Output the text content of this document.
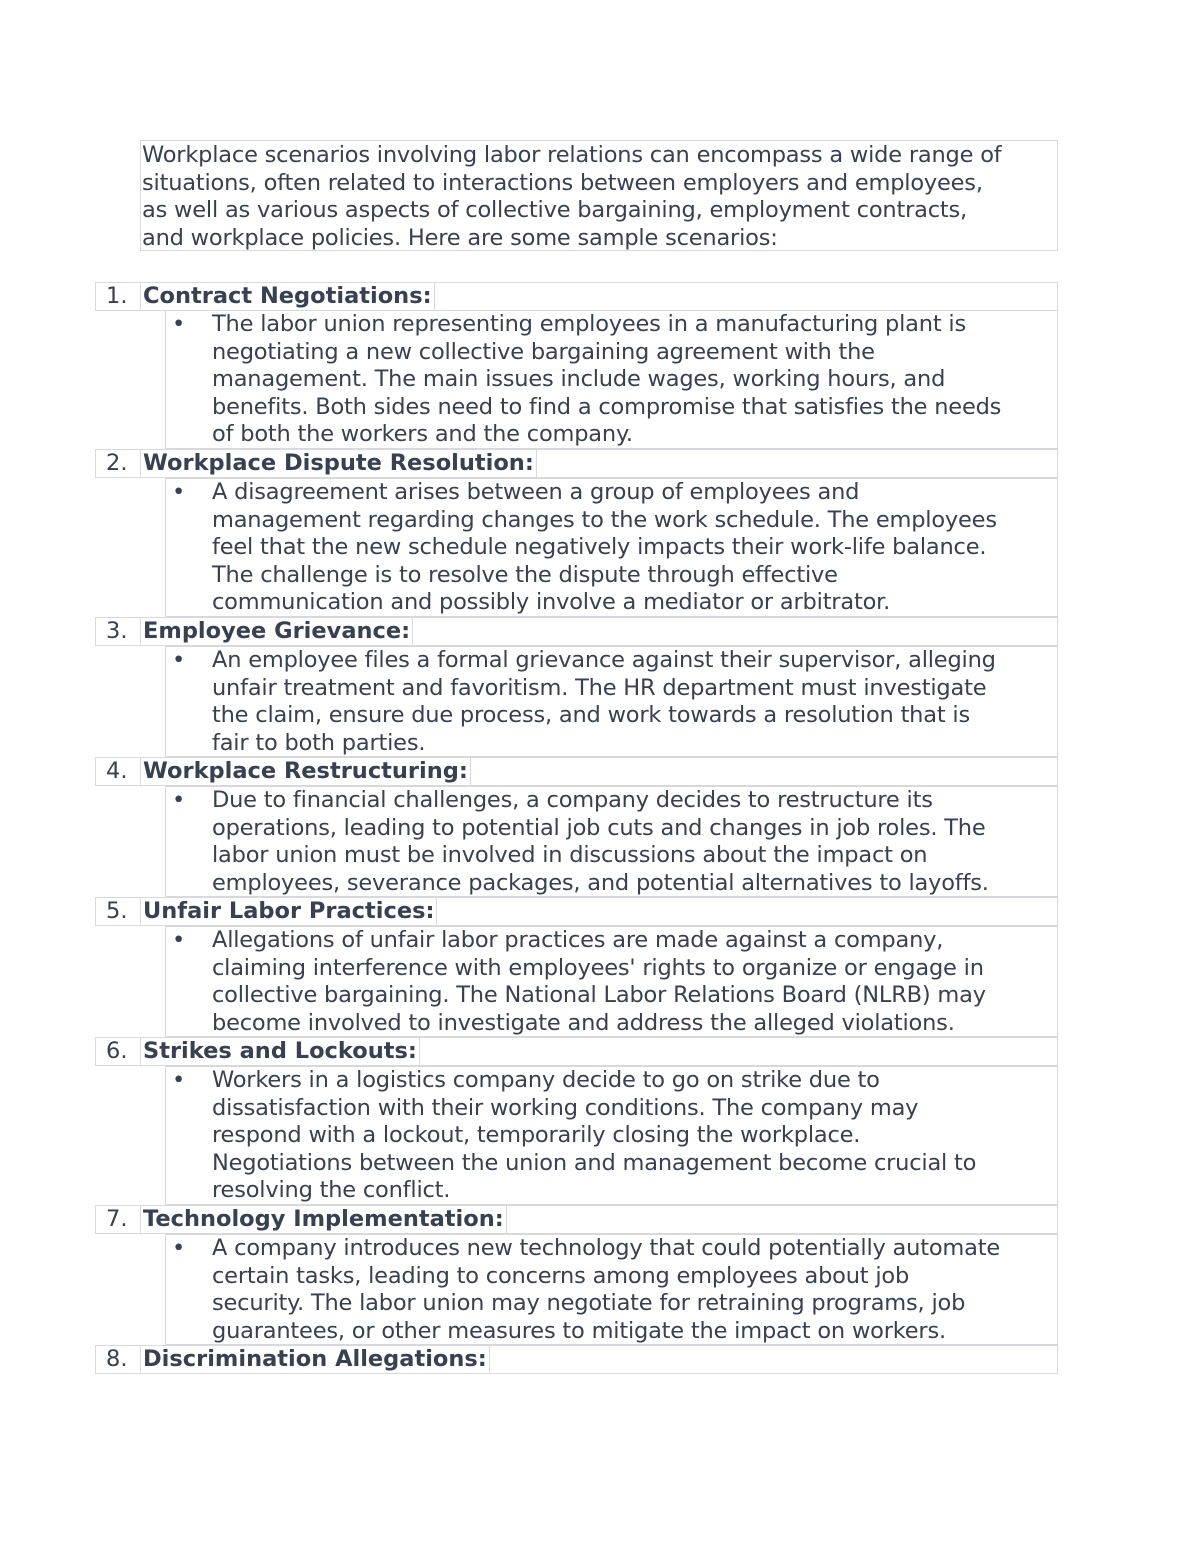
Workplace scenarios involving labor relations can encompass a wide range of
situations, often related to interactions between employers and employees,
as well as various aspects of collective bargaining, employment contracts,
and workplace policies. Here are some sample scenarios:
1. Contract Negotiations:
• The labor union representing employees in a manufacturing plant is
negotiating a new collective bargaining agreement with the
management. The main issues include wages, working hours, and
benefits. Both sides need to find a compromise that satisfies the needs
of both the workers and the company.
2. Workplace Dispute Resolution:
• A disagreement arises between a group of employees and
management regarding changes to the work schedule. The employees
feel that the new schedule negatively impacts their work-life balance.
The challenge is to resolve the dispute through effective
communication and possibly involve a mediator or arbitrator.
3. Employee Grievance:
• An employee files a formal grievance against their supervisor, alleging
unfair treatment and favoritism. The HR department must investigate
the claim, ensure due process, and work towards a resolution that is
fair to both parties.
4. Workplace Restructuring:
• Due to financial challenges, a company decides to restructure its
operations, leading to potential job cuts and changes in job roles. The
labor union must be involved in discussions about the impact on
employees, severance packages, and potential alternatives to layoffs.
5. Unfair Labor Practices:
• Allegations of unfair labor practices are made against a company,
claiming interference with employees' rights to organize or engage in
collective bargaining. The National Labor Relations Board (NLRB) may
become involved to investigate and address the alleged violations.
6. Strikes and Lockouts:
• Workers in a logistics company decide to go on strike due to
dissatisfaction with their working conditions. The company may
respond with a lockout, temporarily closing the workplace.
Negotiations between the union and management become crucial to
resolving the conflict.
7. Technology Implementation:
• A company introduces new technology that could potentially automate
certain tasks, leading to concerns among employees about job
security. The labor union may negotiate for retraining programs, job
guarantees, or other measures to mitigate the impact on workers.
8. Discrimination Allegations:
